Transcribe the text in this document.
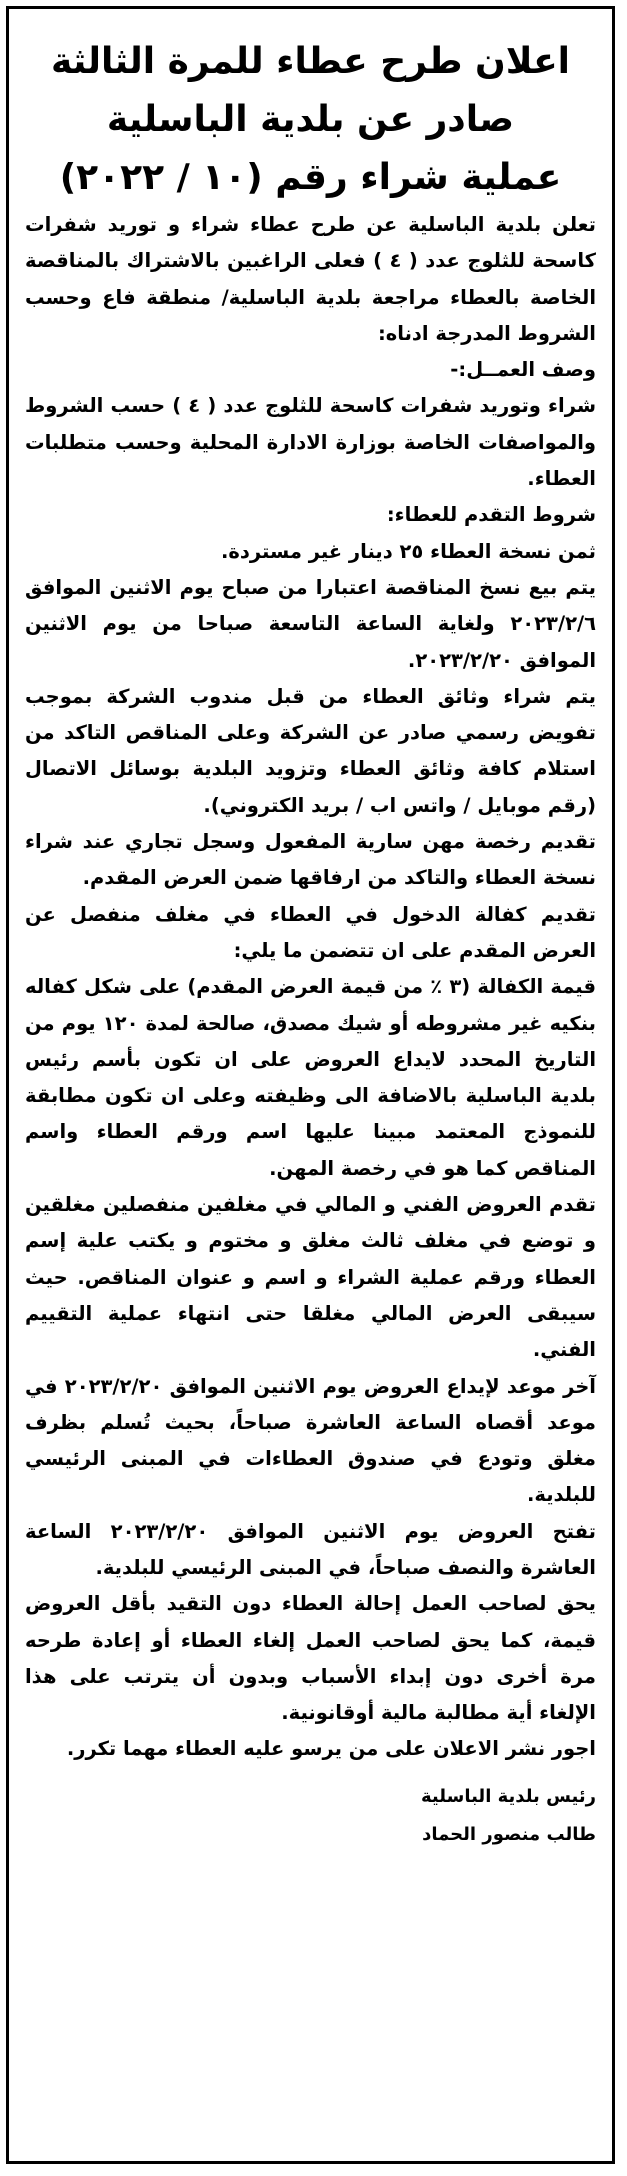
اعلان طرح عطاء للمرة الثالثة

صادر عن بلدية الباسلية

عملية شراء رقم (١٠ / ٢٠٢٢)

تعلن بلدية الباسلية عن طرح عطاء شراء و توريد شفرات كاسحة للثلوج عدد ( ٤ ) فعلى الراغبين بالاشتراك بالمناقصة الخاصة بالعطاء مراجعة بلدية الباسلية/ منطقة فاع وحسب الشروط المدرجة ادناه:

وصف العمــل:-

شراء وتوريد شفرات كاسحة للثلوج عدد ( ٤ ) حسب الشروط والمواصفات الخاصة بوزارة الادارة المحلية وحسب متطلبات العطاء.

شروط التقدم للعطاء:

ثمن نسخة العطاء ٢٥ دينار غير مستردة.

يتم بيع نسخ المناقصة اعتبارا من صباح يوم الاثنين الموافق ٢٠٢٣/٢/٦ ولغاية الساعة التاسعة صباحا من يوم الاثنين الموافق ٢٠٢٣/٢/٢٠.

يتم شراء وثائق العطاء من قبل مندوب الشركة بموجب تفويض رسمي صادر عن الشركة وعلى المناقص التاكد من استلام كافة وثائق العطاء وتزويد البلدية بوسائل الاتصال (رقم موبايل / واتس اب / بريد الكتروني).

تقديم رخصة مهن سارية المفعول وسجل تجاري عند شراء نسخة العطاء والتاكد من ارفاقها ضمن العرض المقدم.

تقديم كفالة الدخول في العطاء في مغلف منفصل عن العرض المقدم على ان تتضمن ما يلي:

قيمة الكفالة (٣ ٪ من قيمة العرض المقدم) على شكل كفاله بنكيه غير مشروطه أو شيك مصدق، صالحة لمدة ١٢٠ يوم من التاريخ المحدد لايداع العروض على ان تكون بأسم رئيس بلدية الباسلية بالاضافة الى وظيفته وعلى ان تكون مطابقة للنموذج المعتمد مبينا عليها اسم ورقم العطاء واسم المناقص كما هو في رخصة المهن.

تقدم العروض الفني و المالي في مغلفين منفصلين مغلقين و توضع في مغلف ثالث مغلق و مختوم و يكتب علية إسم العطاء ورقم عملية الشراء و اسم و عنوان المناقص. حيث سيبقى العرض المالي مغلقا حتى انتهاء عملية التقييم الفني.

آخر موعد لإيداع العروض يوم الاثنين الموافق ٢٠٢٣/٢/٢٠ في موعد أقصاه الساعة العاشرة صباحاً، بحيث تُسلم بظرف مغلق وتودع في صندوق العطاءات في المبنى الرئيسي للبلدية.

تفتح العروض يوم الاثنين الموافق ٢٠٢٣/٢/٢٠ الساعة العاشرة والنصف صباحاً، في المبنى الرئيسي للبلدية.

يحق لصاحب العمل إحالة العطاء دون التقيد بأقل العروض قيمة، كما يحق لصاحب العمل إلغاء العطاء أو إعادة طرحه مرة أخرى دون إبداء الأسباب وبدون أن يترتب على هذا الإلغاء أية مطالبة مالية أوقانونية.

اجور نشر الاعلان على من يرسو عليه العطاء مهما تكرر.

رئيس بلدية الباسلية

طالب منصور الحماد
